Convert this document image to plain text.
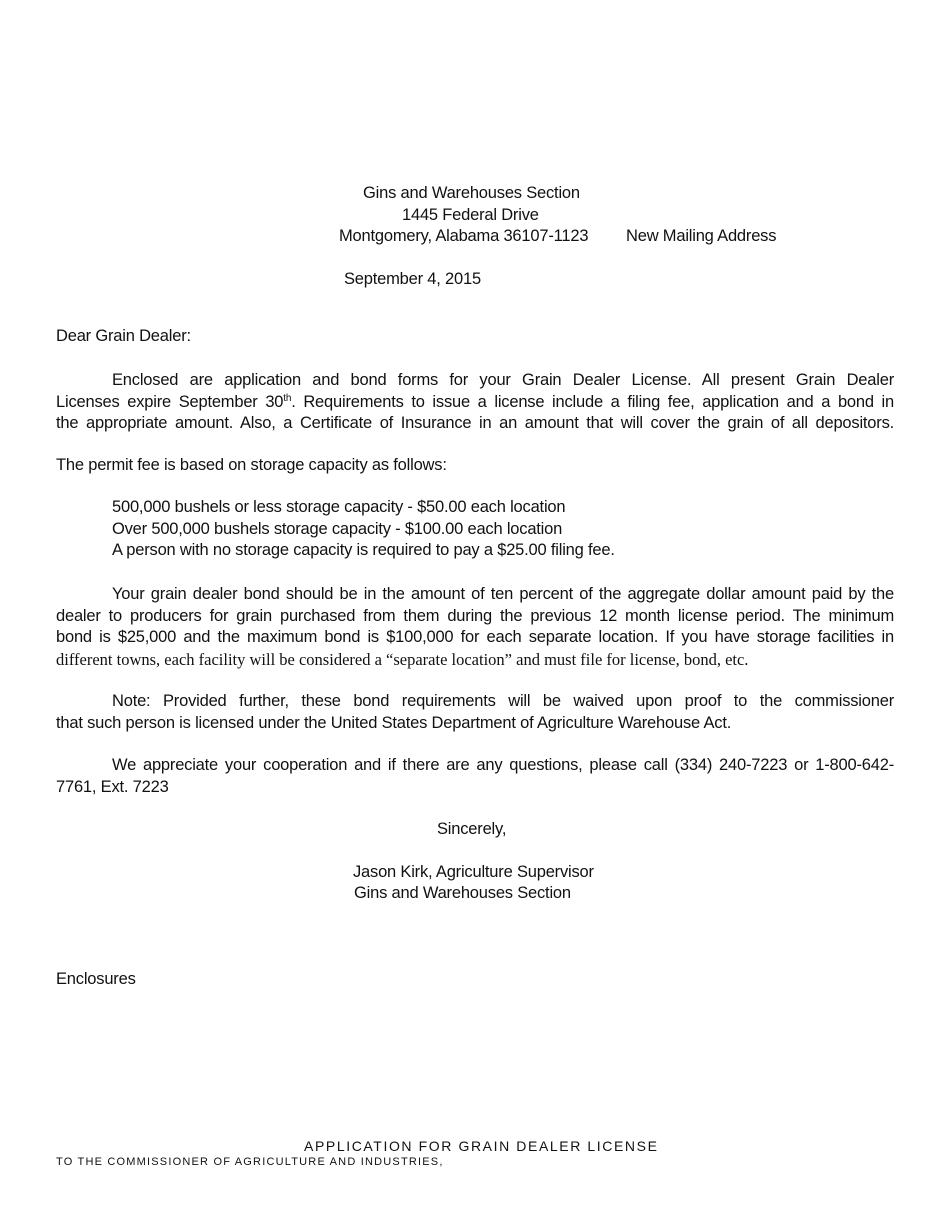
Gins and Warehouses Section
1445 Federal Drive
Montgomery, Alabama 36107-1123 New Mailing Address
September 4, 2015
Dear Grain Dealer:
Enclosed are application and bond forms for your Grain Dealer License. All present Grain Dealer
Licenses expire September 30th. Requirements to issue a license include a filing fee, application and a bond in
the appropriate amount. Also, a Certificate of Insurance in an amount that will cover the grain of all depositors.
The permit fee is based on storage capacity as follows:
500,000 bushels or less storage capacity - $50.00 each location
Over 500,000 bushels storage capacity - $100.00 each location
A person with no storage capacity is required to pay a $25.00 filing fee.
Your grain dealer bond should be in the amount of ten percent of the aggregate dollar amount paid by the
dealer to producers for grain purchased from them during the previous 12 month license period. The minimum
bond is $25,000 and the maximum bond is $100,000 for each separate location. If you have storage facilities in
different towns, each facility will be considered a “separate location” and must file for license, bond, etc.
Note: Provided further, these bond requirements will be waived upon proof to the commissioner
that such person is licensed under the United States Department of Agriculture Warehouse Act.
We appreciate your cooperation and if there are any questions, please call (334) 240-7223 or 1-800-642-
7761, Ext. 7223
Sincerely,
Jason Kirk, Agriculture Supervisor
Gins and Warehouses Section
Enclosures
APPLICATION FOR GRAIN DEALER LICENSE
TO THE COMMISSIONER OF AGRICULTURE AND INDUSTRIES,
